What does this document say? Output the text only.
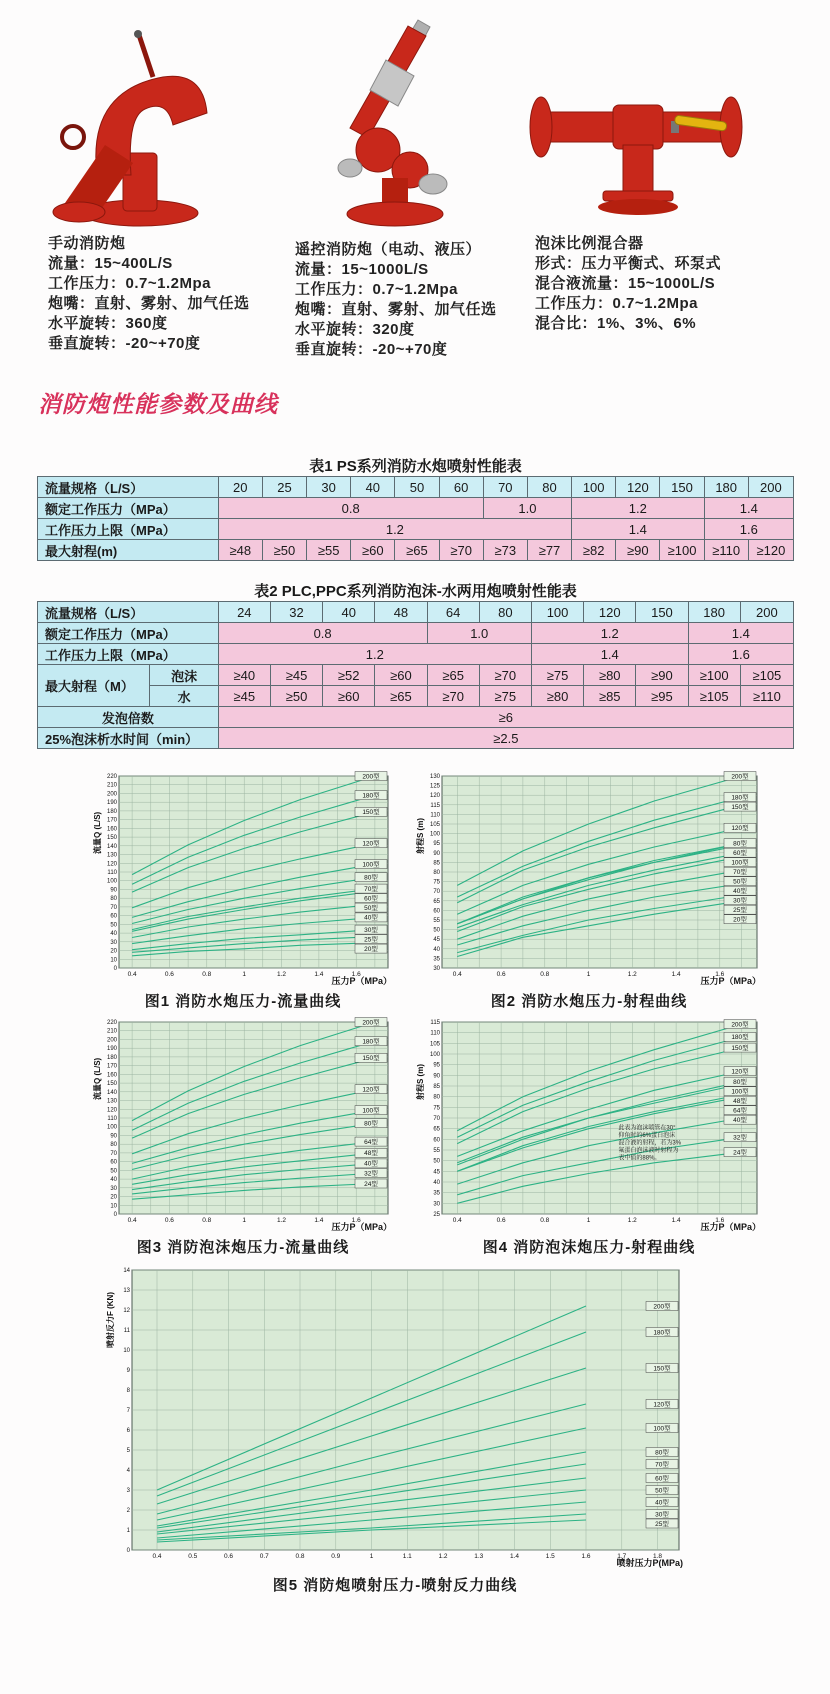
手动消防炮
流量：15~400L/S
工作压力：0.7~1.2Mpa
炮嘴：直射、雾射、加气任选
水平旋转：360度
垂直旋转：-20~+70度
遥控消防炮（电动、液压）
流量：15~1000L/S
工作压力：0.7~1.2Mpa
炮嘴：直射、雾射、加气任选
水平旋转：320度
垂直旋转：-20~+70度
泡沫比例混合器
形式：压力平衡式、环泵式
混合液流量：15~1000L/S
工作压力：0.7~1.2Mpa
混合比：1%、3%、6%
消防炮性能参数及曲线
表1 PS系列消防水炮喷射性能表
流量规格（L/S）	20	25	30	40	50	60	70	80	100	120	150	180	200
额定工作压力（MPa）	0.8						1.0		1.2			1.4	
工作压力上限（MPa）	1.2								1.4			1.6	
最大射程(m)	≥48	≥50	≥55	≥60	≥65	≥70	≥73	≥77	≥82	≥90	≥100	≥110	≥120
表2 PLC,PPC系列消防泡沫-水两用炮喷射性能表
流量规格（L/S）		24	32	40	48	64	80	100	120	150	180	200
额定工作压力（MPa）		0.8				1.0		1.2			1.4	
工作压力上限（MPa）		1.2						1.4			1.6	
最大射程（M）	泡沫	≥40	≥45	≥52	≥60	≥65	≥70	≥75	≥80	≥90	≥100	≥105
	水	≥45	≥50	≥60	≥65	≥70	≥75	≥80	≥85	≥95	≥105	≥110
发泡倍数		≥6										
25%泡沫析水时间（min）		≥2.5										
0
10
20
30
40
50
60
70
80
90
100
110
120
130
140
150
160
170
180
190
200
210
220
0.4	0.6	0.8	1	1.2	1.4	1.6
200型
180型
150型
120型
100型
80型
70型
60型
50型
40型
30型
25型
20型
压力P（MPa）
流量Q (L/S)
30
35
40
45
50
55
60
65
70
75
80
85
90
95
100
105
110
115
120
125
130
0.4	0.6	0.8	1	1.2	1.4	1.6
200型
180型
150型
120型
80型
60型
100型
70型
50型
40型
30型
25型
20型
压力P（MPa）
射程S (m)
图1 消防水炮压力-流量曲线	图2 消防水炮压力-射程曲线
0
10
20
30
40
50
60
70
80
90
100
110
120
130
140
150
160
170
180
190
200
210
220
0.4	0.6	0.8	1	1.2	1.4	1.6
200型
180型
150型
120型
100型
80型
64型
48型
40型
32型
24型
压力P（MPa）
流量Q (L/S)
25
30
35
40
45
50
55
60
65
70
75
80
85
90
95
100
105
110
115
0.4	0.6	0.8	1	1.2	1.4	1.6
200型
180型
150型
120型
80型
100型
48型
64型
40型
32型
24型
此表为泡沫喷管在30°
仰角时的6%蛋白泡沫
混合液的射程，若为3%
氟蛋白泡沫液时射程为
表中值的88%。
压力P（MPa）
射程S (m)
图3 消防泡沫炮压力-流量曲线	图4 消防泡沫炮压力-射程曲线
0
1
2
3
4
5
6
7
8
9
10
11
12
13
14
0.4	0.5	0.6	0.7	0.8	0.9	1	1.1	1.2	1.3	1.4	1.5	1.6	1.7	1.8
200型
180型
150型
120型
100型
80型
70型
60型
50型
40型
30型
25型
喷射压力P(MPa)
喷射反力F (KN)
图5 消防炮喷射压力-喷射反力曲线
